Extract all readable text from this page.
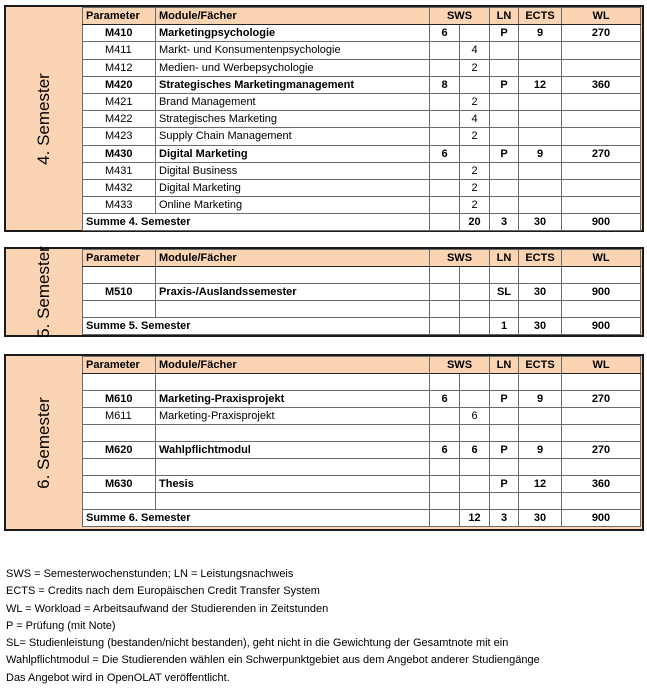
4. Semester
Parameter	Module/Fächer	SWS		LN	ECTS	WL
M410	Marketingpsychologie	6		P	9	270
M411	Markt- und Konsumentenpsychologie		4			
M412	Medien- und Werbepsychologie		2			
M420	Strategisches Marketingmanagement	8		P	12	360
M421	Brand Management		2			
M422	Strategisches Marketing		4			
M423	Supply Chain Management		2			
M430	Digital Marketing	6		P	9	270
M431	Digital Business		2			
M432	Digital Marketing		2			
M433	Online Marketing		2			
Summe 4. Semester			20	3	30	900
5. Semester	Parameter	Module/Fächer	SWS		LN	ECTS	WL

M510	Praxis-/Auslandssemester			SL	30	900

Summe 5. Semester				1	30	900
6. Semester
Parameter	Module/Fächer	SWS		LN	ECTS	WL

M610	Marketing-Praxisprojekt	6		P	9	270
M611	Marketing-Praxisprojekt		6			

M620	Wahlpflichtmodul	6	6	P	9	270

M630	Thesis			P	12	360

Summe 6. Semester			12	3	30	900
SWS = Semesterwochenstunden; LN = Leistungsnachweis
ECTS = Credits nach dem Europäischen Credit Transfer System
WL = Workload = Arbeitsaufwand der Studierenden in Zeitstunden
P = Prüfung (mit Note)
SL= Studienleistung (bestanden/nicht bestanden), geht nicht in die Gewichtung der Gesamtnote mit ein
Wahlpflichtmodul = Die Studierenden wählen ein Schwerpunktgebiet aus dem Angebot anderer Studiengänge
Das Angebot wird in OpenOLAT veröffentlicht.
